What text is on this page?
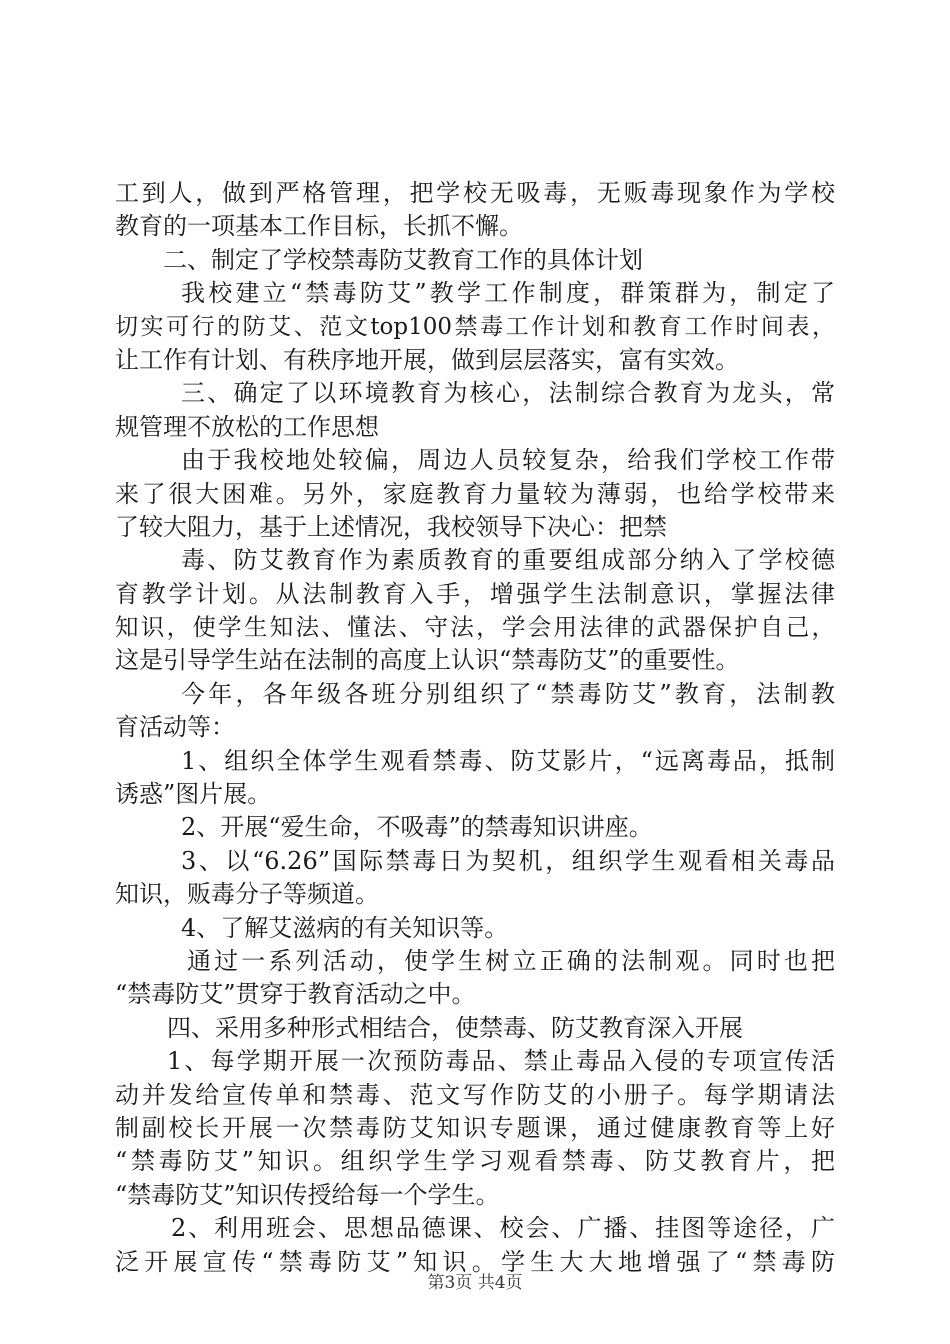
工到人，做到严格管理，把学校无吸毒，无贩毒现象作为学校
教育的一项基本工作目标，长抓不懈。
二、制定了学校禁毒防艾教育工作的具体计划
我校建立“禁毒防艾”教学工作制度，群策群为，制定了
切实可行的防艾、范文top100禁毒工作计划和教育工作时间表，
让工作有计划、有秩序地开展，做到层层落实，富有实效。
三、确定了以环境教育为核心，法制综合教育为龙头，常
规管理不放松的工作思想
由于我校地处较偏，周边人员较复杂，给我们学校工作带
来了很大困难。另外，家庭教育力量较为薄弱，也给学校带来
了较大阻力，基于上述情况，我校领导下决心：把禁
毒、防艾教育作为素质教育的重要组成部分纳入了学校德
育教学计划。从法制教育入手，增强学生法制意识，掌握法律
知识，使学生知法、懂法、守法，学会用法律的武器保护自己，
这是引导学生站在法制的高度上认识“禁毒防艾”的重要性。
今年，各年级各班分别组织了“禁毒防艾”教育，法制教
育活动等：
1、组织全体学生观看禁毒、防艾影片，“远离毒品，抵制
诱惑”图片展。
2、开展“爱生命，不吸毒”的禁毒知识讲座。
3、以“6.26”国际禁毒日为契机，组织学生观看相关毒品
知识，贩毒分子等频道。
4、了解艾滋病的有关知识等。
通过一系列活动，使学生树立正确的法制观。同时也把
“禁毒防艾”贯穿于教育活动之中。
四、采用多种形式相结合，使禁毒、防艾教育深入开展
1、每学期开展一次预防毒品、禁止毒品入侵的专项宣传活
动并发给宣传单和禁毒、范文写作防艾的小册子。每学期请法
制副校长开展一次禁毒防艾知识专题课，通过健康教育等上好
“禁毒防艾”知识。组织学生学习观看禁毒、防艾教育片，把
“禁毒防艾”知识传授给每一个学生。
2、利用班会、思想品德课、校会、广播、挂图等途径，广
泛开展宣传“禁毒防艾”知识。学生大大地增强了“禁毒防
第3页 共4页
